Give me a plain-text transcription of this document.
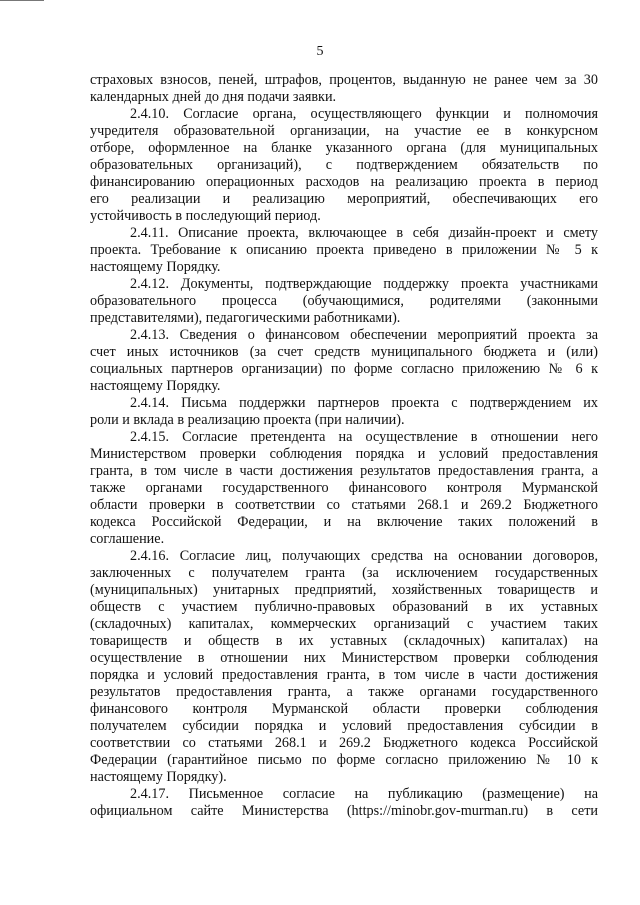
5
страховых взносов, пеней, штрафов, процентов, выданную не ранее чем за 30
календарных дней до дня подачи заявки.
2.4.10. Согласие органа, осуществляющего функции и полномочия
учредителя образовательной организации, на участие ее в конкурсном
отборе, оформленное на бланке указанного органа (для муниципальных
образовательных организаций), с подтверждением обязательств по
финансированию операционных расходов на реализацию проекта в период
его реализации и реализацию мероприятий, обеспечивающих его
устойчивость в последующий период.
2.4.11. Описание проекта, включающее в себя дизайн-проект и смету
проекта. Требование к описанию проекта приведено в приложении № 5 к
настоящему Порядку.
2.4.12. Документы, подтверждающие поддержку проекта участниками
образовательного процесса (обучающимися, родителями (законными
представителями), педагогическими работниками).
2.4.13. Сведения о финансовом обеспечении мероприятий проекта за
счет иных источников (за счет средств муниципального бюджета и (или)
социальных партнеров организации) по форме согласно приложению № 6 к
настоящему Порядку.
2.4.14. Письма поддержки партнеров проекта с подтверждением их
роли и вклада в реализацию проекта (при наличии).
2.4.15. Согласие претендента на осуществление в отношении него
Министерством проверки соблюдения порядка и условий предоставления
гранта, в том числе в части достижения результатов предоставления гранта, а
также органами государственного финансового контроля Мурманской
области проверки в соответствии со статьями 268.1 и 269.2 Бюджетного
кодекса Российской Федерации, и на включение таких положений в
соглашение.
2.4.16. Согласие лиц, получающих средства на основании договоров,
заключенных с получателем гранта (за исключением государственных
(муниципальных) унитарных предприятий, хозяйственных товариществ и
обществ с участием публично-правовых образований в их уставных
(складочных) капиталах, коммерческих организаций с участием таких
товариществ и обществ в их уставных (складочных) капиталах) на
осуществление в отношении них Министерством проверки соблюдения
порядка и условий предоставления гранта, в том числе в части достижения
результатов предоставления гранта, а также органами государственного
финансового контроля Мурманской области проверки соблюдения
получателем субсидии порядка и условий предоставления субсидии в
соответствии со статьями 268.1 и 269.2 Бюджетного кодекса Российской
Федерации (гарантийное письмо по форме согласно приложению № 10 к
настоящему Порядку).
2.4.17. Письменное согласие на публикацию (размещение) на
официальном сайте Министерства (https://minobr.gov-murman.ru) в сети
